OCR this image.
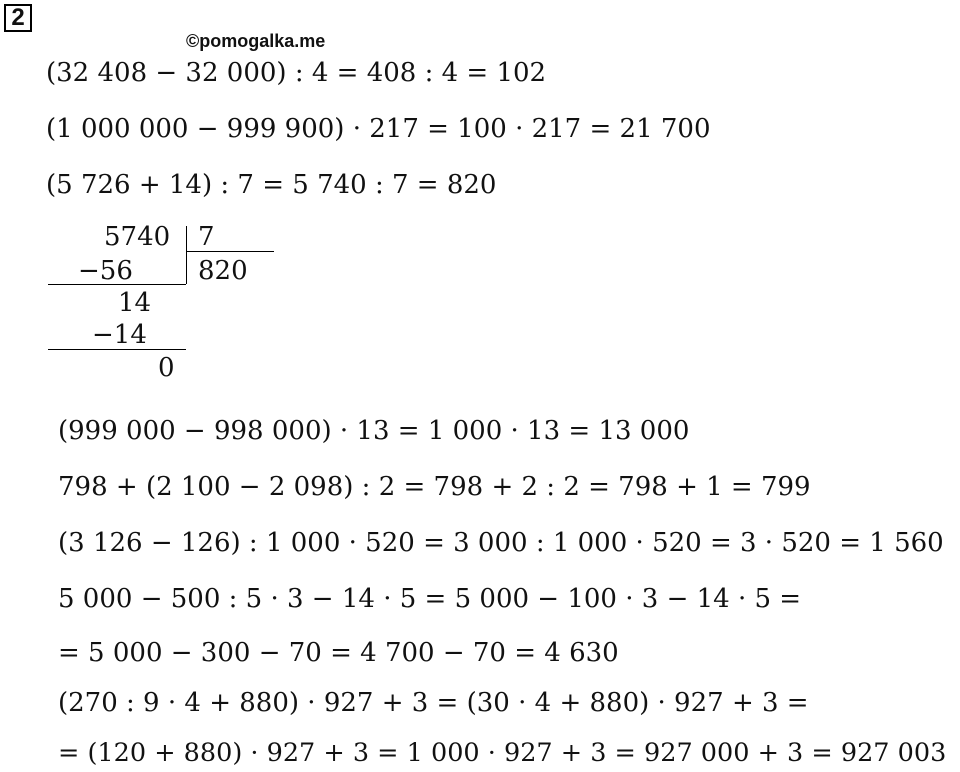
2
©pomogalka.me
(32 408 − 32 000) : 4 = 408 : 4 = 102
(1 000 000 − 999 900) · 217 = 100 · 217 = 21 700
(5 726 + 14) : 7 = 5 740 : 7 = 820
5740 7
820
−56
14
−14
0
(999 000 − 998 000) · 13 = 1 000 · 13 = 13 000
798 + (2 100 − 2 098) : 2 = 798 + 2 : 2 = 798 + 1 = 799
(3 126 − 126) : 1 000 · 520 = 3 000 : 1 000 · 520 = 3 · 520 = 1 560
5 000 − 500 : 5 · 3 − 14 · 5 = 5 000 − 100 · 3 − 14 · 5 =
= 5 000 − 300 − 70 = 4 700 − 70 = 4 630
(270 : 9 · 4 + 880) · 927 + 3 = (30 · 4 + 880) · 927 + 3 =
= (120 + 880) · 927 + 3 = 1 000 · 927 + 3 = 927 000 + 3 = 927 003
